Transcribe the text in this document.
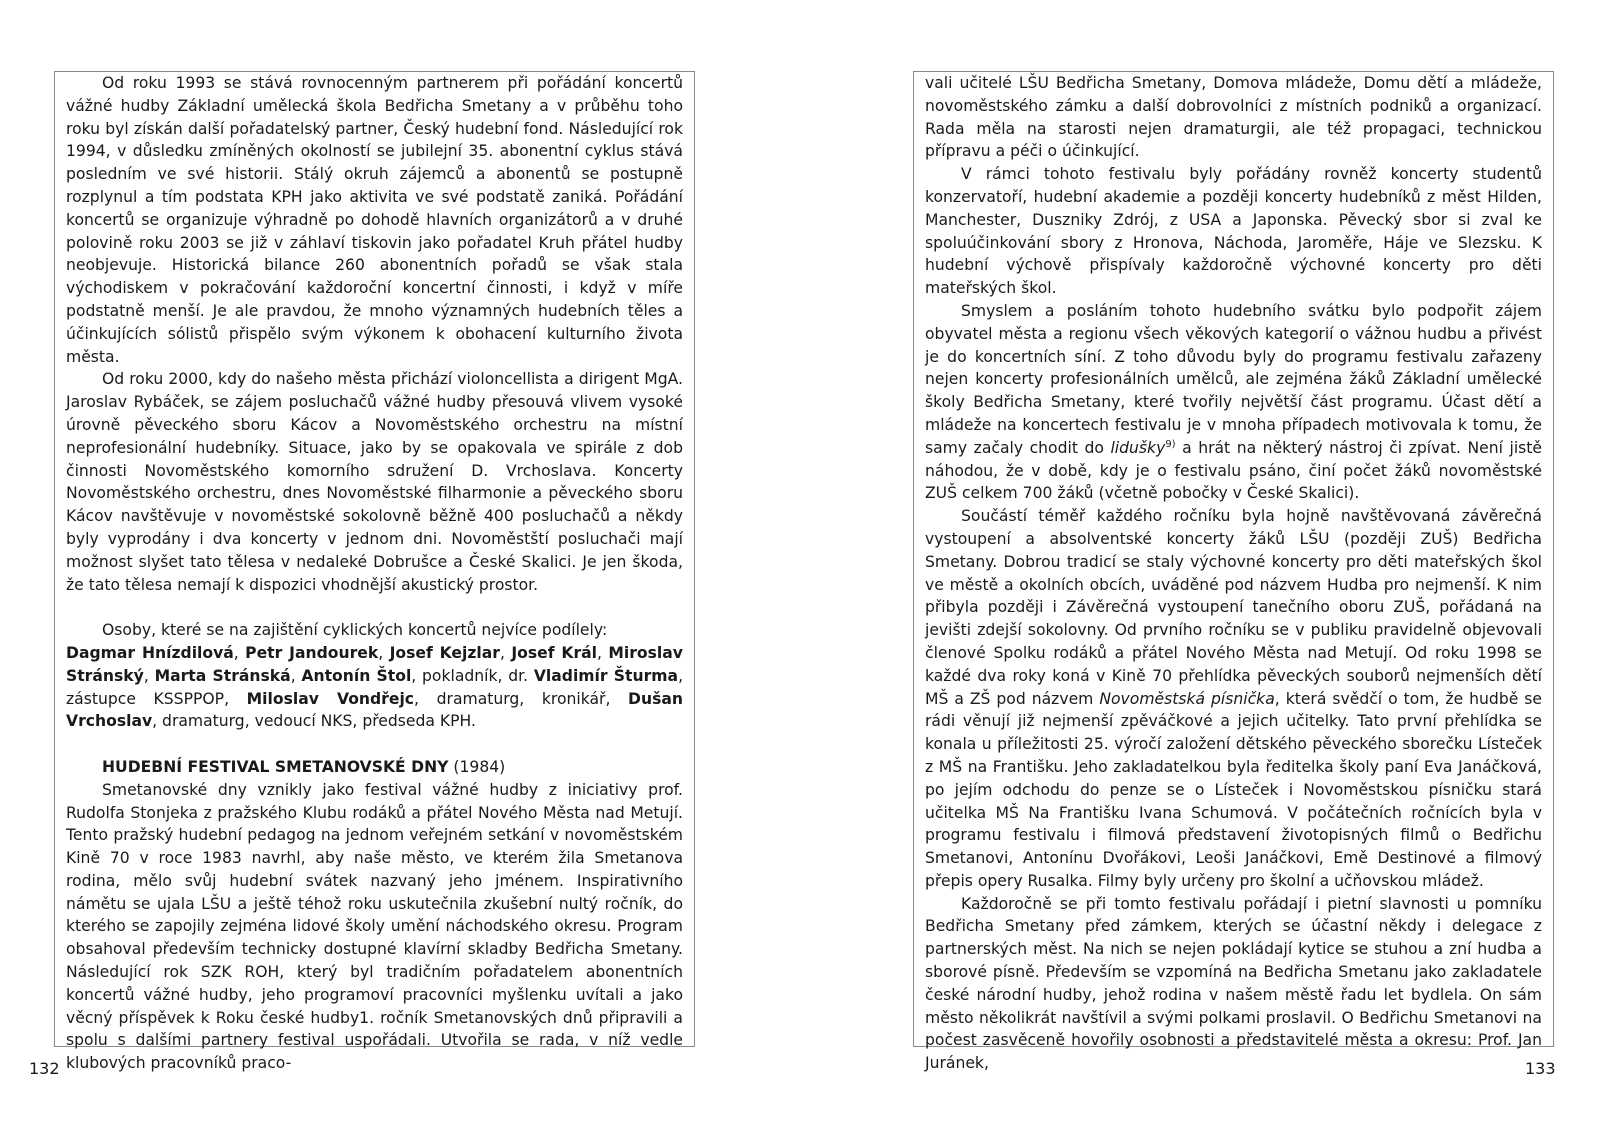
Od roku 1993 se stává rovnocenným partnerem při pořádání koncertů vážné hudby Základní umělecká škola Bedřicha Smetany a v průběhu toho roku byl získán další pořadatelský partner, Český hudební fond. Následující rok 1994, v důsledku zmíněných okolností se jubilejní 35. abonentní cyklus stává posledním ve své historii. Stálý okruh zájemců a abonentů se postupně rozplynul a tím podstata KPH jako aktivita ve své podstatě zaniká. Pořádání koncertů se organizuje výhradně po dohodě hlavních organizátorů a v druhé polovině roku 2003 se již v záhlaví tiskovin jako pořadatel Kruh přátel hudby neobjevuje. Historická bilance 260 abonentních pořadů se však stala východiskem v pokračování každoroční koncertní činnosti, i když v míře podstatně menší. Je ale pravdou, že mnoho významných hudebních těles a účinkujících sólistů přispělo svým výkonem k obohacení kulturního života města.

Od roku 2000, kdy do našeho města přichází violoncellista a dirigent MgA. Jaroslav Rybáček, se zájem posluchačů vážné hudby přesouvá vlivem vysoké úrovně pěveckého sboru Kácov a Novoměstského orchestru na místní neprofesionální hudebníky. Situace, jako by se opakovala ve spirále z dob činnosti Novoměstského komorního sdružení D. Vrchoslava. Koncerty Novoměstského orchestru, dnes Novoměstské filharmonie a pěveckého sboru Kácov navštěvuje v novoměstské sokolovně běžně 400 posluchačů a někdy byly vyprodány i dva koncerty v jednom dni. Novoměstští posluchači mají možnost slyšet tato tělesa v nedaleké Dobrušce a České Skalici. Je jen škoda, že tato tělesa nemají k dispozici vhodnější akustický prostor.

Osoby, které se na zajištění cyklických koncertů nejvíce podílely:

Dagmar Hnízdilová, Petr Jandourek, Josef Kejzlar, Josef Král, Miroslav Stránský, Marta Stránská, Antonín Štol, pokladník, dr. Vladimír Šturma, zástupce KSSPPOP, Miloslav Vondřejc, dramaturg, kronikář, Dušan Vrchoslav, dramaturg, vedoucí NKS, předseda KPH.

HUDEBNÍ FESTIVAL SMETANOVSKÉ DNY (1984)

Smetanovské dny vznikly jako festival vážné hudby z iniciativy prof. Rudolfa Stonjeka z pražského Klubu rodáků a přátel Nového Města nad Metují. Tento pražský hudební pedagog na jednom veřejném setkání v novoměstském Kině 70 v roce 1983 navrhl, aby naše město, ve kterém žila Smetanova rodina, mělo svůj hudební svátek nazvaný jeho jménem. Inspirativního námětu se ujala LŠU a ještě téhož roku uskutečnila zkušební nultý ročník, do kterého se zapojily zejména lidové školy umění náchodského okresu. Program obsahoval především technicky dostupné klavírní skladby Bedřicha Smetany. Následující rok SZK ROH, který byl tradičním pořadatelem abonentních koncertů vážné hudby, jeho programoví pracovníci myšlenku uvítali a jako věcný příspěvek k Roku české hudby1. ročník Smetanovských dnů připravili a spolu s dalšími partnery festival uspořádali. Utvořila se rada, v níž vedle klubových pracovníků praco-

vali učitelé LŠU Bedřicha Smetany, Domova mládeže, Domu dětí a mládeže, novoměstského zámku a další dobrovolníci z místních podniků a organizací. Rada měla na starosti nejen dramaturgii, ale též propagaci, technickou přípravu a péči o účinkující.

V rámci tohoto festivalu byly pořádány rovněž koncerty studentů konzervatoří, hudební akademie a později koncerty hudebníků z měst Hilden, Manchester, Duszniky Zdrój, z USA a Japonska. Pěvecký sbor si zval ke spoluúčinkování sbory z Hronova, Náchoda, Jaroměře, Háje ve Slezsku. K hudební výchově přispívaly každoročně výchovné koncerty pro děti mateřských škol.

Smyslem a posláním tohoto hudebního svátku bylo podpořit zájem obyvatel města a regionu všech věkových kategorií o vážnou hudbu a přivést je do koncertních síní. Z toho důvodu byly do programu festivalu zařazeny nejen koncerty profesionálních umělců, ale zejména žáků Základní umělecké školy Bedřicha Smetany, které tvořily největší část programu. Účast dětí a mládeže na koncertech festivalu je v mnoha případech motivovala k tomu, že samy začaly chodit do lidušky$^{9)}$ a hrát na některý nástroj či zpívat. Není jistě náhodou, že v době, kdy je o festivalu psáno, činí počet žáků novoměstské ZUŠ celkem 700 žáků (včetně pobočky v České Skalici).

Součástí téměř každého ročníku byla hojně navštěvovaná závěrečná vystoupení a absolventské koncerty žáků LŠU (později ZUŠ) Bedřicha Smetany. Dobrou tradicí se staly výchovné koncerty pro děti mateřských škol ve městě a okolních obcích, uváděné pod názvem Hudba pro nejmenší. K nim přibyla později i Závěrečná vystoupení tanečního oboru ZUŠ, pořádaná na jevišti zdejší sokolovny. Od prvního ročníku se v publiku pravidelně objevovali členové Spolku rodáků a přátel Nového Města nad Metují. Od roku 1998 se každé dva roky koná v Kině 70 přehlídka pěveckých souborů nejmenších dětí MŠ a ZŠ pod názvem Novoměstská písnička, která svědčí o tom, že hudbě se rádi věnují již nejmenší zpěváčkové a jejich učitelky. Tato první přehlídka se konala u příležitosti 25. výročí založení dětského pěveckého sborečku Lísteček z MŠ na Františku. Jeho zakladatelkou byla ředitelka školy paní Eva Janáčková, po jejím odchodu do penze se o Lísteček i Novoměstskou písničku stará učitelka MŠ Na Františku Ivana Schumová. V počátečních ročnících byla v programu festivalu i filmová představení životopisných filmů o Bedřichu Smetanovi, Antonínu Dvořákovi, Leoši Janáčkovi, Emě Destinové a filmový přepis opery Rusalka. Filmy byly určeny pro školní a učňovskou mládež.

Každoročně se při tomto festivalu pořádají i pietní slavnosti u pomníku Bedřicha Smetany před zámkem, kterých se účastní někdy i delegace z partnerských měst. Na nich se nejen pokládají kytice se stuhou a zní hudba a sborové písně. Především se vzpomíná na Bedřicha Smetanu jako zakladatele české národní hudby, jehož rodina v našem městě řadu let bydlela. On sám město několikrát navštívil a svými polkami proslavil. O Bedřichu Smetanovi na počest zasvěceně hovořily osobnosti a představitelé města a okresu: Prof. Jan Juránek,

132	133
